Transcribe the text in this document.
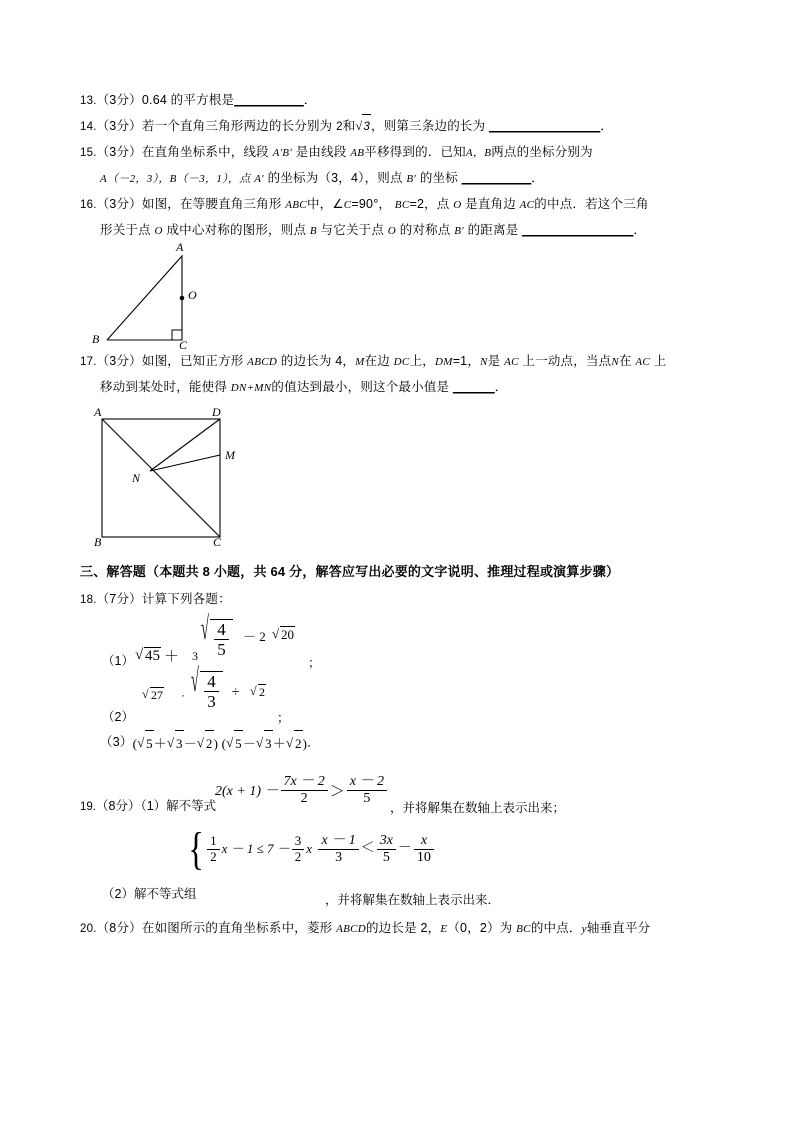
13.（3分）0.64 的平方根是__________．
14.（3分）若一个直角三角形两边的长分别为 2和 √ 3，则第三条边的长为 ________________．
15.（3分）在直角坐标系中，线段 A′B′ 是由线段 AB平移得到的．已知A，B两点的坐标分别为
A（－2，3），B（－3，1），点 A′ 的坐标为（3，4），则点 B′ 的坐标 __________．
16.（3分）如图，在等腰直角三角形 ABC中，∠C=90°， BC=2，点 O 是直角边 AC的中点．若这个三角
形关于点 O 成中心对称的图形，则点 B 与它关于点 O 的对称点 B′ 的距离是 ________________．
A
B	C
O
17.（3分）如图，已知正方形 ABCD 的边长为 4，M在边 DC上，DM=1，N是 AC 上一动点，当点N在 AC 上
移动到某处时，能使得 DN+MN的值达到最小，则这个最小值是 ______．
A	D
B	C
M
N
三、解答题（本题共 8 小题，共 64 分，解答应写出必要的文字说明、推理过程或演算步骤）
18.（7分）计算下列各题：
（1） √ 45 ＋ 3
√ $\frac{4}{5} - 2$	√ 20
；
（2）
√ 27 · √ $\frac{4}{3}$ ÷	√ 2
；
（3） ( √ 5 ＋ √ 3 － √ 2 )
( √ 5 － √ 3 ＋ √ 2 ) ．
19.（8分）（1）解不等式
$2(x + 1) - \frac{7x - 2}{2} > \frac{x - 2}{5}$
，并将解集在数轴上表示出来；
（2）解不等式组
{ $\frac{1}{2}$ $x - 1 \le 7 - \frac{3}{2}$ x
$\frac{x - 1}{3} < \frac{3x}{5} - \frac{x}{10}$
，并将解集在数轴上表示出来．
20.（8分）在如图所示的直角坐标系中，菱形 ABCD的边长是 2，E（0，2）为 BC的中点．y轴垂直平分
